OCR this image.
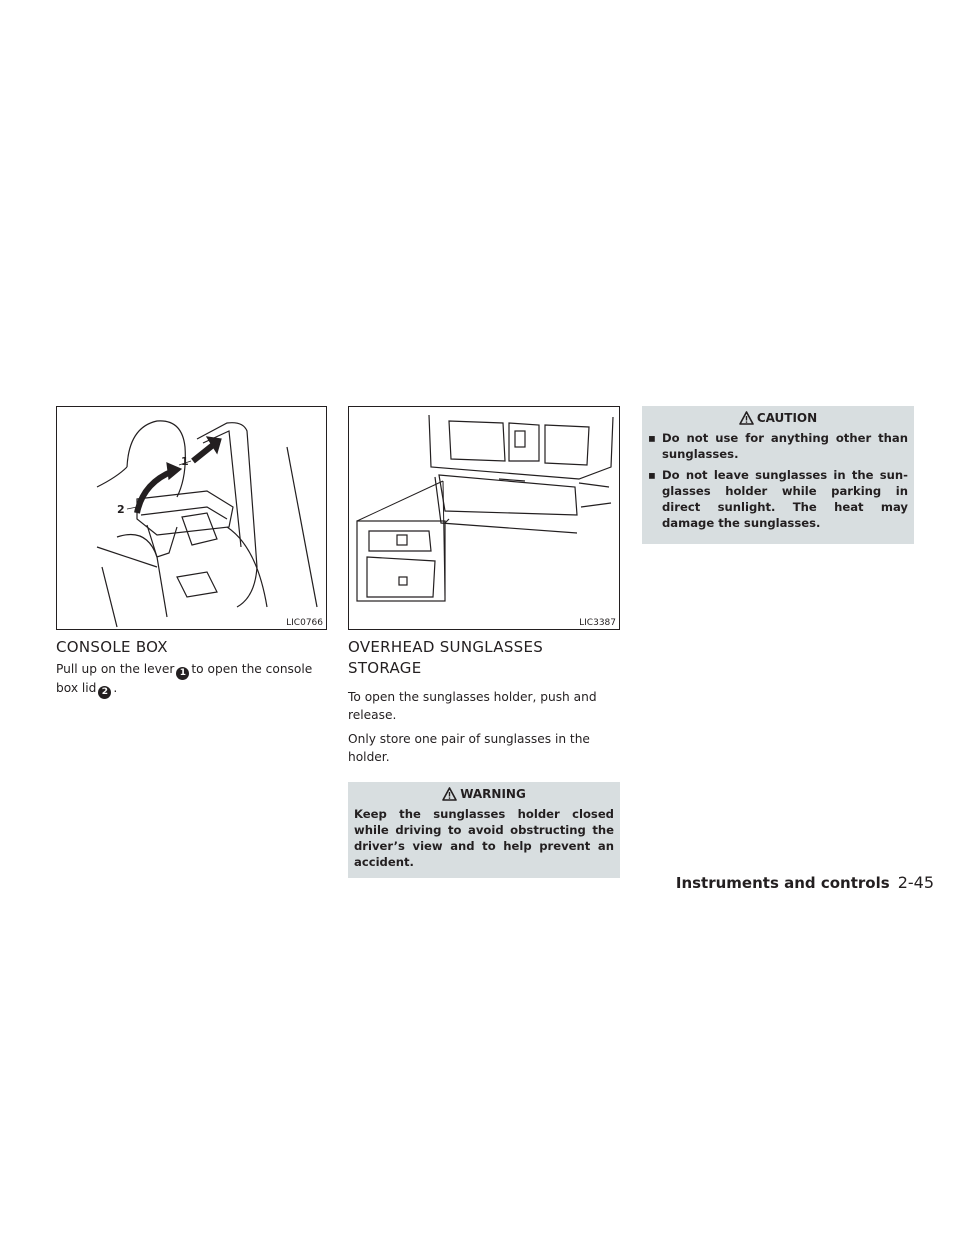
1
2
LIC0766
CONSOLE BOX

Pull up on the lever 1 to open the console box lid 2 .

LIC3387
OVERHEAD SUNGLASSES
STORAGE

To open the sunglasses holder, push and release.

Only store one pair of sunglasses in the holder.

WARNING
Keep the sunglasses holder closed while driving to avoid obstructing the driver’s view and to help prevent an accident.
CAUTION
▪ Do not use for anything other than sunglasses.
▪ Do not leave sunglasses in the sun-glasses holder while parking in direct sunlight. The heat may damage the sunglasses.
Instruments and controls 2-45
